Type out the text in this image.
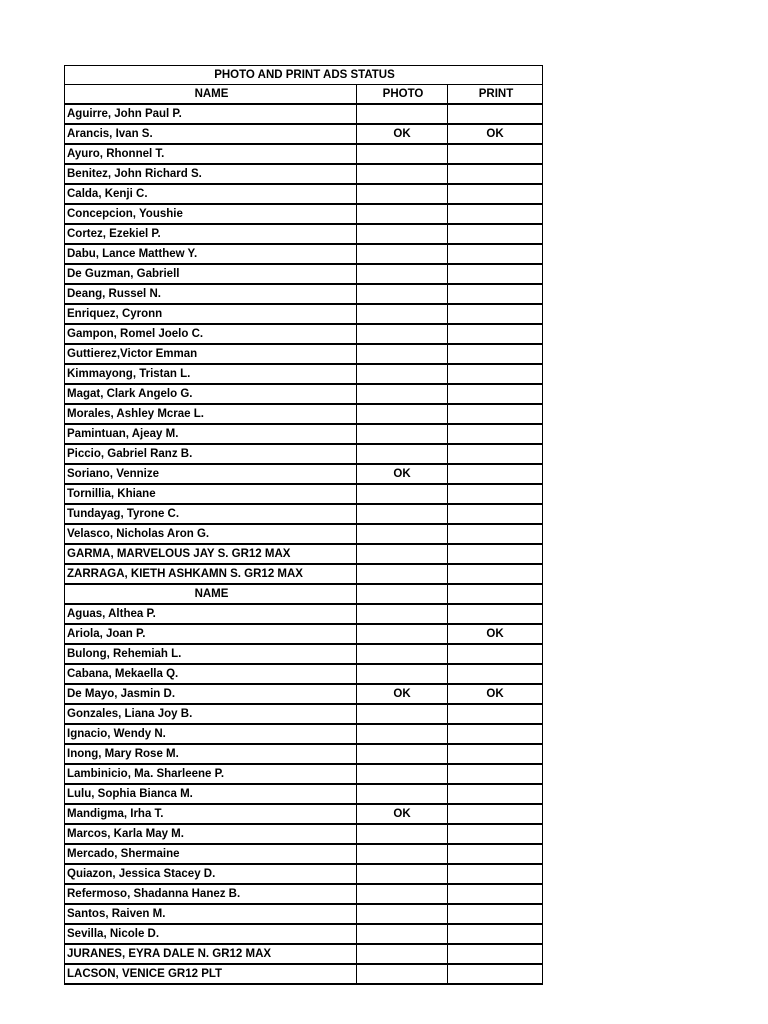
PHOTO AND PRINT ADS STATUS		
NAME	PHOTO	PRINT
Aguirre, John Paul P.		
Arancis, Ivan S.	OK	OK
Ayuro, Rhonnel T.		
Benitez, John Richard S.		
Calda, Kenji C.		
Concepcion, Youshie		
Cortez, Ezekiel P.		
Dabu, Lance Matthew Y.		
De Guzman, Gabriell		
Deang, Russel N.		
Enriquez, Cyronn		
Gampon, Romel Joelo C.		
Guttierez,Victor Emman		
Kimmayong, Tristan L.		
Magat, Clark Angelo G.		
Morales, Ashley Mcrae L.		
Pamintuan, Ajeay M.		
Piccio, Gabriel Ranz B.		
Soriano, Vennize	OK	
Tornillia, Khiane		
Tundayag, Tyrone C.		
Velasco, Nicholas Aron G.		
GARMA, MARVELOUS JAY S. GR12 MAX		
ZARRAGA, KIETH ASHKAMN S. GR12 MAX		
NAME		
Aguas, Althea P.		
Ariola, Joan P.		OK
Bulong, Rehemiah L.		
Cabana, Mekaella Q.		
De Mayo, Jasmin D.	OK	OK
Gonzales, Liana Joy B.		
Ignacio, Wendy N.		
Inong, Mary Rose M.		
Lambinicio, Ma. Sharleene P.		
Lulu, Sophia Bianca M.		
Mandigma, Irha T.	OK	
Marcos, Karla May M.		
Mercado, Shermaine		
Quiazon, Jessica Stacey D.		
Refermoso, Shadanna Hanez B.		
Santos, Raiven M.		
Sevilla, Nicole D.		
JURANES, EYRA DALE N. GR12 MAX		
LACSON, VENICE GR12 PLT		
